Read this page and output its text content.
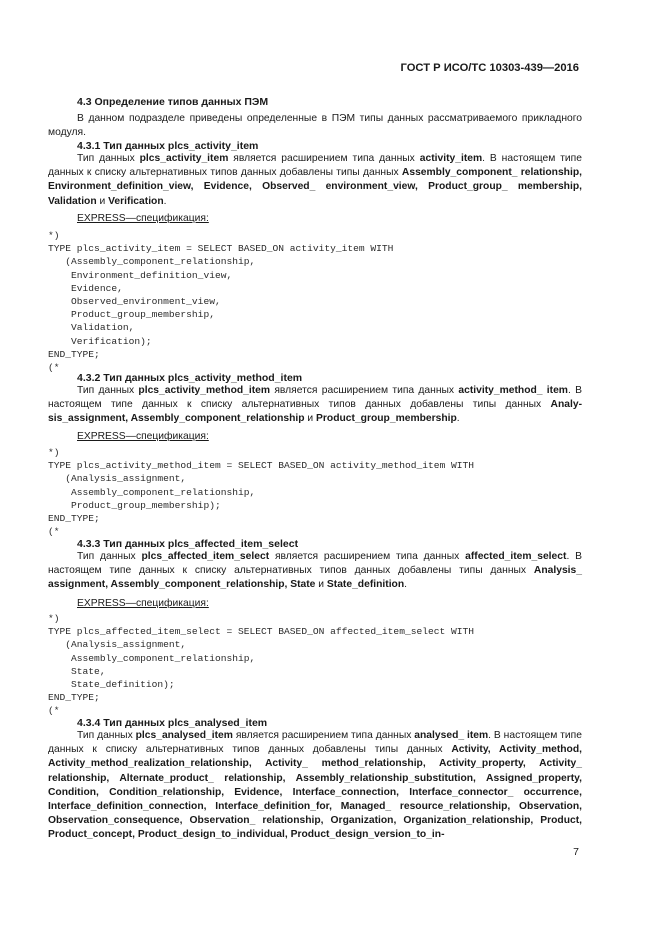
ГОСТ Р ИСО/ТС 10303-439—2016
4.3 Определение типов данных ПЭМ
В данном подразделе приведены определенные в ПЭМ типы данных рассматриваемого прикладного модуля.
4.3.1 Тип данных plcs_activity_item
Тип данных plcs_activity_item является расширением типа данных activity_item. В настоящем типе данных к списку альтернативных типов данных добавлены типы данных Assembly_component_ relationship, Environment_definition_view, Evidence, Observed_ environment_view, Product_group_ membership, Validation и Verification.
EXPRESS—спецификация:
*)
TYPE plcs_activity_item = SELECT BASED_ON activity_item WITH
(Assembly_component_relationship,
Environment_definition_view,
Evidence,
Observed_environment_view,
Product_group_membership,
Validation,
Verification);
END_TYPE;
(*
4.3.2 Тип данных plcs_activity_method_item
Тип данных plcs_activity_method_item является расширением типа данных activity_method_ item. В настоящем типе данных к списку альтернативных типов данных добавлены типы данных Analysis_assignment, Assembly_component_relationship и Product_group_membership.
EXPRESS—спецификация:
*)
TYPE plcs_activity_method_item = SELECT BASED_ON activity_method_item WITH
(Analysis_assignment,
Assembly_component_relationship,
Product_group_membership);
END_TYPE;
(*
4.3.3 Тип данных plcs_affected_item_select
Тип данных plcs_affected_item_select является расширением типа данных affected_item_select. В настоящем типе данных к списку альтернативных типов данных добавлены типы данных Analysis_ assignment, Assembly_component_relationship, State и State_definition.
EXPRESS—спецификация:
*)
TYPE plcs_affected_item_select = SELECT BASED_ON affected_item_select WITH
(Analysis_assignment,
Assembly_component_relationship,
State,
State_definition);
END_TYPE;
(*
4.3.4 Тип данных plcs_analysed_item
Тип данных plcs_analysed_item является расширением типа данных analysed_ item. В настоящем типе данных к списку альтернативных типов данных добавлены типы данных Activity, Activity_method, Activity_method_realization_relationship, Activity_ method_relationship, Activity_property, Activity_ relationship, Alternate_product_ relationship, Assembly_relationship_substitution, Assigned_property, Condition, Condition_relationship, Evidence, Interface_connection, Interface_connector_ occurrence, Interface_definition_connection, Interface_definition_for, Managed_ resource_relationship, Observation, Observation_consequence, Observation_ relationship, Organization, Organization_relationship, Product, Product_concept, Product_design_to_individual, Product_design_version_to_in-
7
